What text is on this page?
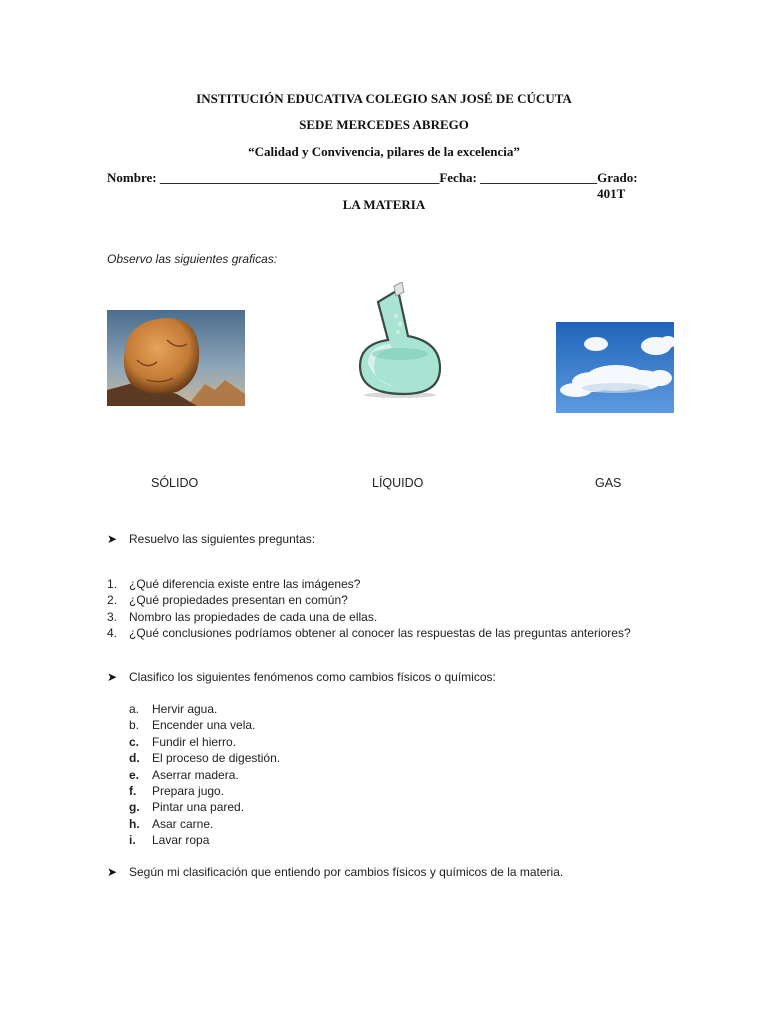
INSTITUCIÓN EDUCATIVA COLEGIO SAN JOSÉ DE CÚCUTA
SEDE MERCEDES ABREGO
“Calidad y Convivencia, pilares de la excelencia”
Nombre: ___________________________________________Fecha: __________________ Grado: 401T
LA MATERIA
Observo las siguientes graficas:
SÓLIDO	LÍQUIDO	GAS
➤ Resuelvo las siguientes preguntas:
1. ¿Qué diferencia existe entre las imágenes?
2. ¿Qué propiedades presentan en común?
3. Nombro las propiedades de cada una de ellas.
4. ¿Qué conclusiones podríamos obtener al conocer las respuestas de las preguntas anteriores?
➤ Clasifico los siguientes fenómenos como cambios físicos o químicos:
a.	Hervir agua.
b.	Encender una vela.
c.	Fundir el hierro.
d.	El proceso de digestión.
e.	Aserrar madera.
f.	Prepara jugo.
g.	Pintar una pared.
h.	Asar carne.
i.	Lavar ropa
➤ Según mi clasificación que entiendo por cambios físicos y químicos de la materia.
